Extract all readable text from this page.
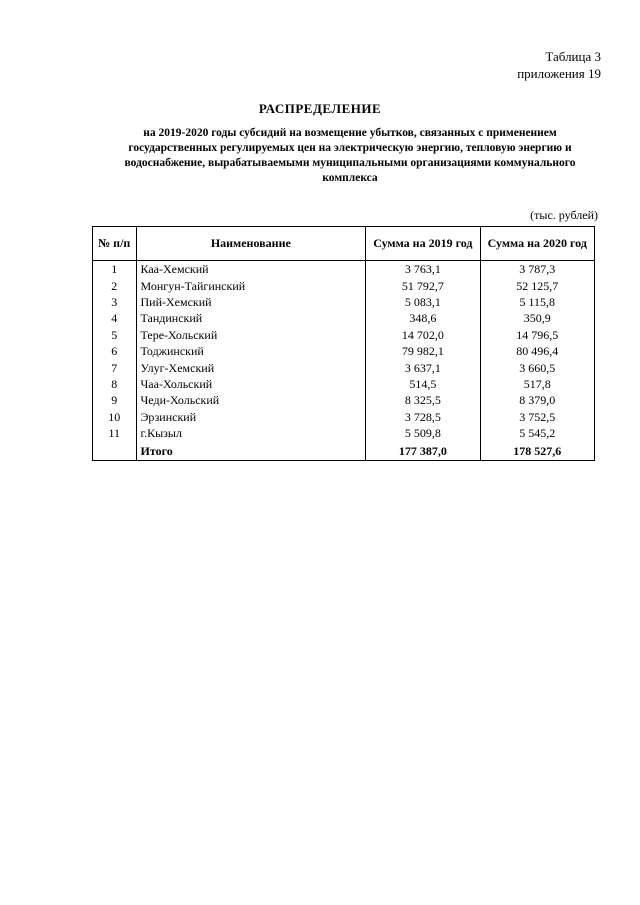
Таблица 3
приложения 19
РАСПРЕДЕЛЕНИЕ
на 2019-2020 годы субсидий на возмещение убытков, связанных с применением государственных регулируемых цен на электрическую энергию, тепловую энергию и водоснабжение, вырабатываемыми муниципальными организациями коммунального комплекса
(тыс. рублей)
№ п/п	Наименование	Сумма на 2019 год	Сумма на 2020 год
1	Каа-Хемский	3 763,1	3 787,3
2	Монгун-Тайгинский	51 792,7	52 125,7
3	Пий-Хемский	5 083,1	5 115,8
4	Тандинский	348,6	350,9
5	Тере-Хольский	14 702,0	14 796,5
6	Тоджинский	79 982,1	80 496,4
7	Улуг-Хемский	3 637,1	3 660,5
8	Чаа-Хольский	514,5	517,8
9	Чеди-Хольский	8 325,5	8 379,0
10	Эрзинский	3 728,5	3 752,5
11	г.Кызыл	5 509,8	5 545,2
	Итого	177 387,0	178 527,6
